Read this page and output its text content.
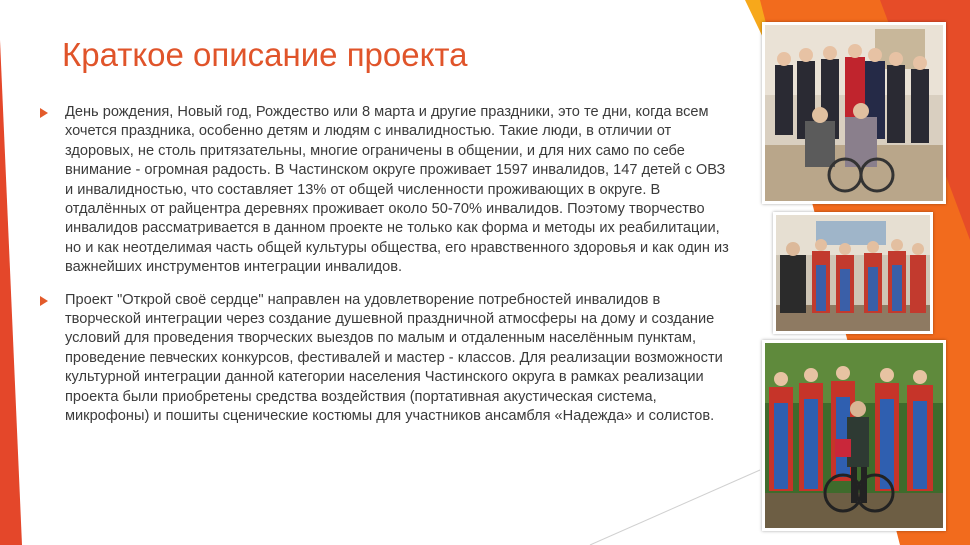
Краткое описание проекта
День рождения, Новый год, Рождество или 8 марта и другие праздники, это те дни, когда всем хочется праздника, особенно детям и людям с инвалидностью. Такие люди, в отличии от здоровых, не столь притязательны, многие ограничены в общении, и для них само по себе внимание - огромная радость. В Частинском округе проживает 1597 инвалидов, 147 детей с ОВЗ и инвалидностью, что составляет 13% от общей численности проживающих в округе. В отдалённых от райцентра деревнях проживает около 50-70% инвалидов. Поэтому творчество инвалидов рассматривается в данном проекте не только как форма и методы их реабилитации, но и как неотделимая часть общей культуры общества, его нравственного здоровья и как один из важнейших инструментов интеграции инвалидов.
Проект "Открой своё сердце" направлен на удовлетворение потребностей инвалидов в творческой интеграции через создание душевной праздничной атмосферы на дому и создание условий для проведения творческих выездов по малым и отдаленным населённым пунктам, проведение певческих конкурсов, фестивалей и мастер - классов. Для реализации возможности культурной интеграции данной категории населения Частинского округа в рамках реализации проекта были приобретены средства воздействия (портативная акустическая система, микрофоны) и пошиты сценические костюмы для участников ансамбля «Надежда» и солистов.
